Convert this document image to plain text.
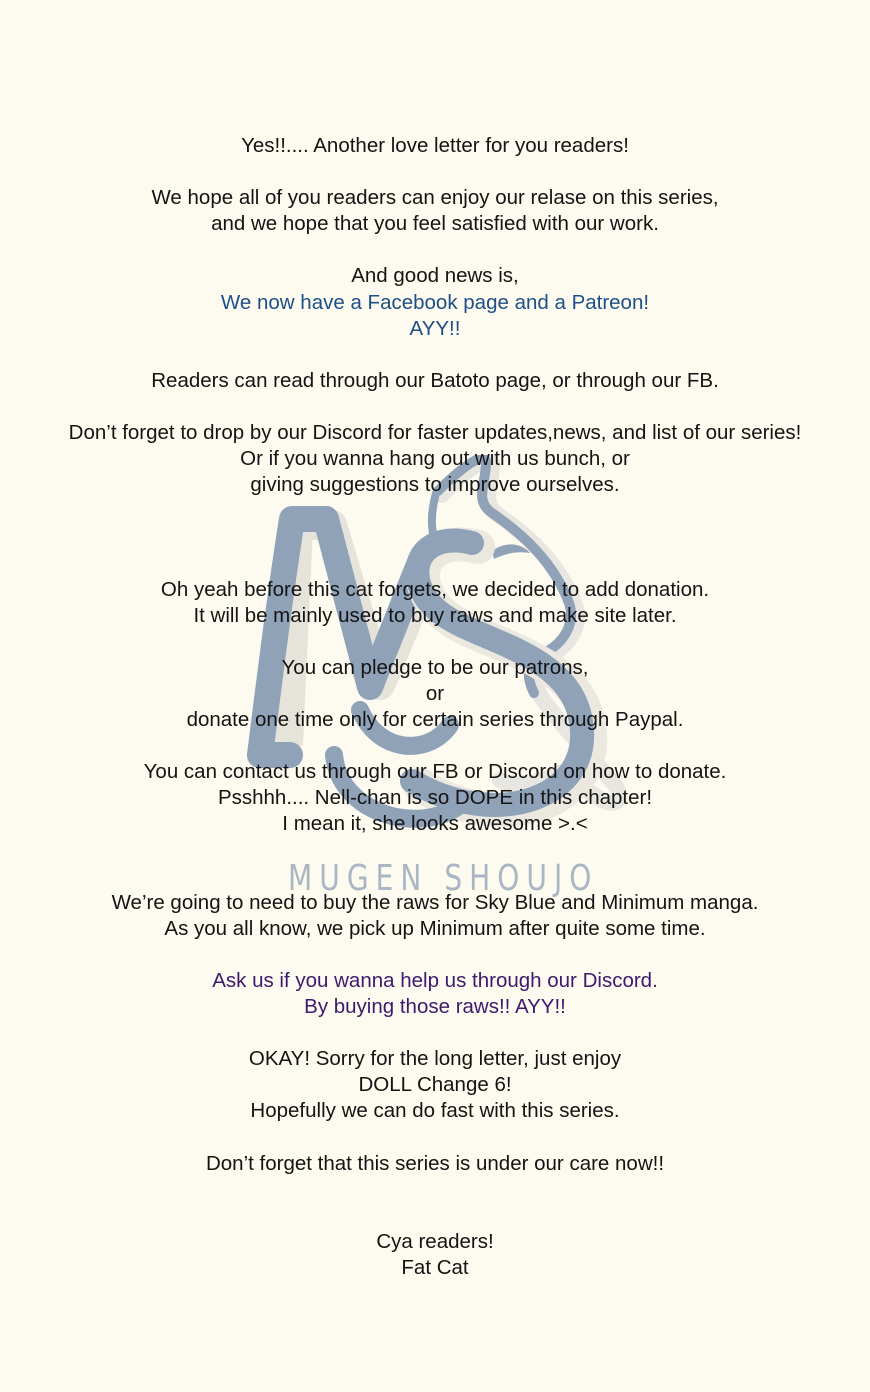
MUGEN SHOUJO
Yes!!.... Another love letter for you readers!
We hope all of you readers can enjoy our relase on this series,
and we hope that you feel satisfied with our work.
And good news is,
We now have a Facebook page and a Patreon!
AYY!!
Readers can read through our Batoto page, or through our FB.
Don’t forget to drop by our Discord for faster updates,news, and list of our series!
Or if you wanna hang out with us bunch, or
giving suggestions to improve ourselves.
Oh yeah before this cat forgets, we decided to add donation.
It will be mainly used to buy raws and make site later.
You can pledge to be our patrons,
or
donate one time only for certain series through Paypal.
You can contact us through our FB or Discord on how to donate.
Psshhh.... Nell-chan is so DOPE in this chapter!
I mean it, she looks awesome >.<
We’re going to need to buy the raws for Sky Blue and Minimum manga.
As you all know, we pick up Minimum after quite some time.
Ask us if you wanna help us through our Discord.
By buying those raws!! AYY!!
OKAY! Sorry for the long letter, just enjoy
DOLL Change 6!
Hopefully we can do fast with this series.
Don’t forget that this series is under our care now!!
Cya readers!
Fat Cat
